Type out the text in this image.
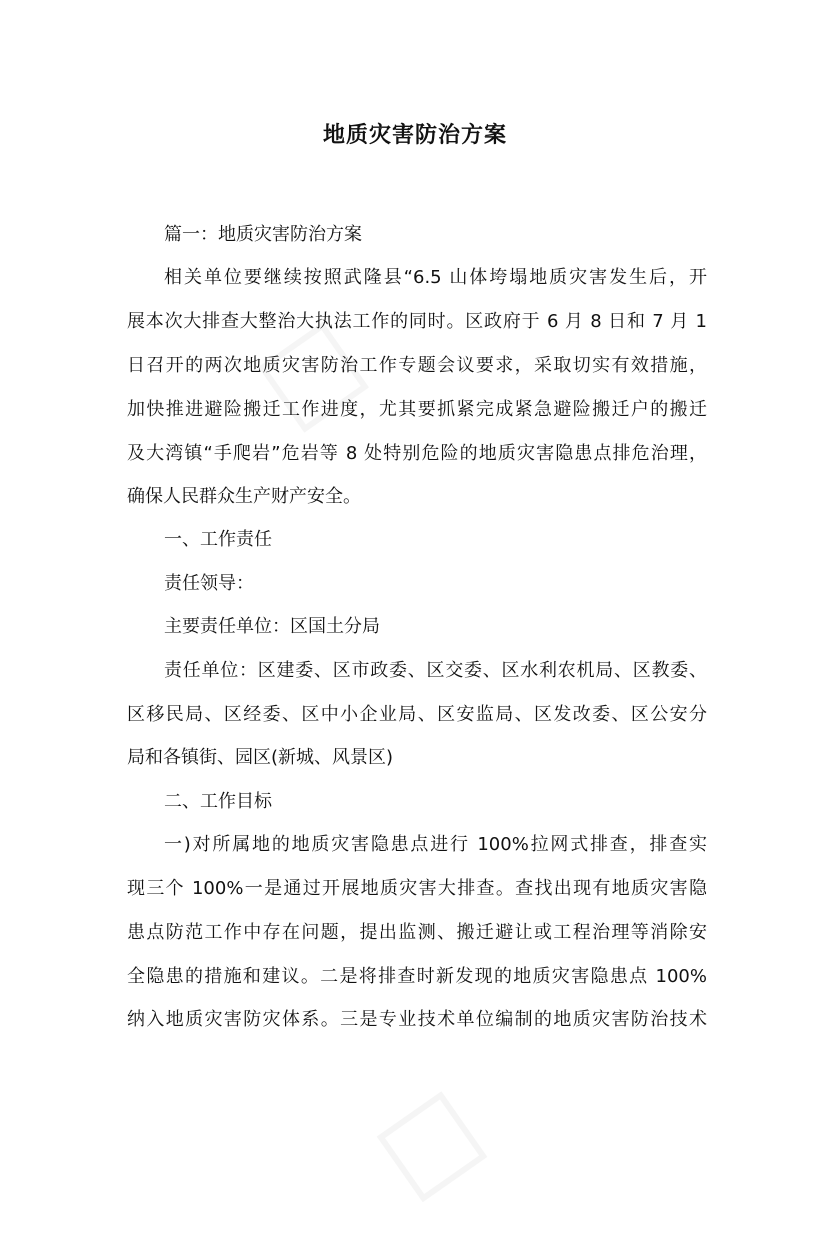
☐
☐
地质灾害防治方案
篇一：地质灾害防治方案
相关单位要继续按照武隆县“6.5 山体垮塌地质灾害发生后，开
展本次大排查大整治大执法工作的同时。区政府于 6 月 8 日和 7 月 1
日召开的两次地质灾害防治工作专题会议要求，采取切实有效措施，
加快推进避险搬迁工作进度，尤其要抓紧完成紧急避险搬迁户的搬迁
及大湾镇“手爬岩”危岩等 8 处特别危险的地质灾害隐患点排危治理，
确保人民群众生产财产安全。
一、工作责任
责任领导：
主要责任单位：区国土分局
责任单位：区建委、区市政委、区交委、区水利农机局、区教委、
区移民局、区经委、区中小企业局、区安监局、区发改委、区公安分
局和各镇街、园区(新城、风景区)
二、工作目标
一)对所属地的地质灾害隐患点进行 100%拉网式排查，排查实
现三个 100%一是通过开展地质灾害大排查。查找出现有地质灾害隐
患点防范工作中存在问题，提出监测、搬迁避让或工程治理等消除安
全隐患的措施和建议。二是将排查时新发现的地质灾害隐患点 100%
纳入地质灾害防灾体系。三是专业技术单位编制的地质灾害防治技术
